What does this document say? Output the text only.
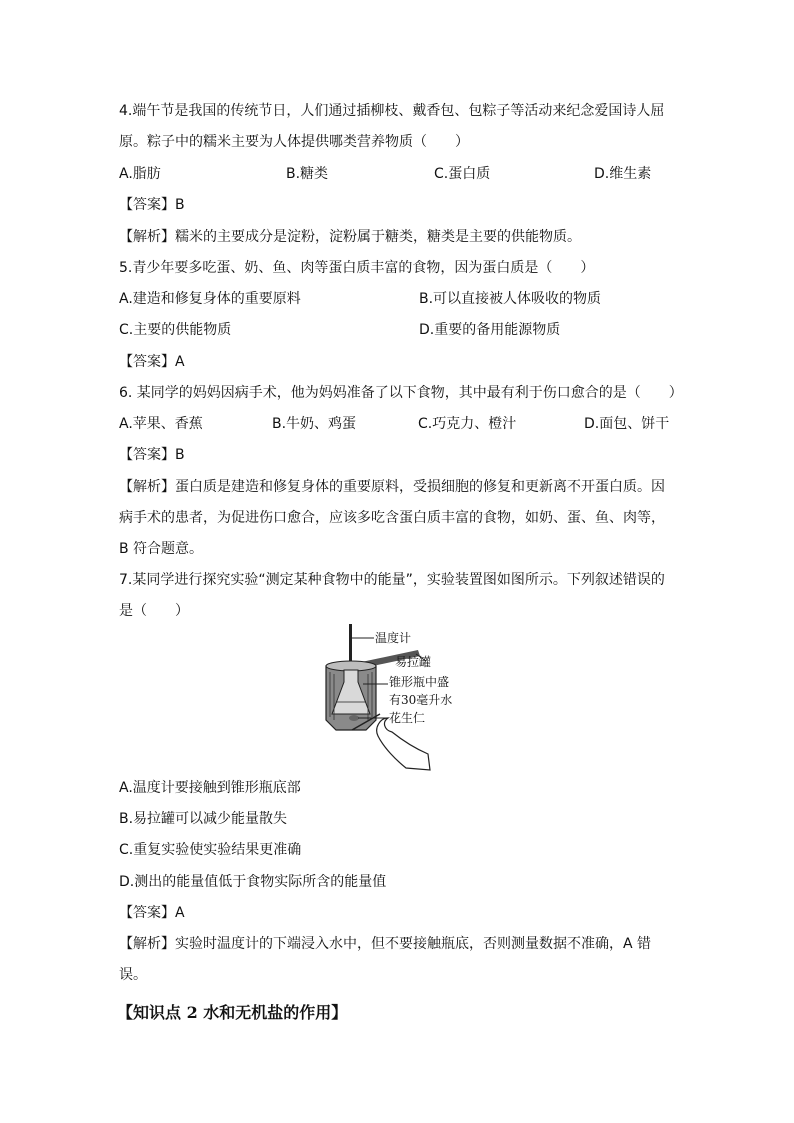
4.端午节是我国的传统节日，人们通过插柳枝、戴香包、包粽子等活动来纪念爱国诗人屈
原。粽子中的糯米主要为人体提供哪类营养物质（　　）
A.脂肪	B.糖类	C.蛋白质	D.维生素
【答案】B
【解析】糯米的主要成分是淀粉，淀粉属于糖类，糖类是主要的供能物质。
5.青少年要多吃蛋、奶、鱼、肉等蛋白质丰富的食物，因为蛋白质是（　　）
A.建造和修复身体的重要原料	B.可以直接被人体吸收的物质
C.主要的供能物质	D.重要的备用能源物质
【答案】A
6. 某同学的妈妈因病手术，他为妈妈准备了以下食物，其中最有利于伤口愈合的是（　　）
A.苹果、香蕉	B.牛奶、鸡蛋	C.巧克力、橙汁	D.面包、饼干
【答案】B
【解析】蛋白质是建造和修复身体的重要原料，受损细胞的修复和更新离不开蛋白质。因
病手术的患者，为促进伤口愈合，应该多吃含蛋白质丰富的食物，如奶、蛋、鱼、肉等，
B 符合题意。
7.某同学进行探究实验“测定某种食物中的能量”，实验装置图如图所示。下列叙述错误的
是（　　）
温度计
易拉罐
锥形瓶中盛
有30毫升水
花生仁
A.温度计要接触到锥形瓶底部
B.易拉罐可以减少能量散失
C.重复实验使实验结果更准确
D.测出的能量值低于食物实际所含的能量值
【答案】A
【解析】实验时温度计的下端浸入水中，但不要接触瓶底，否则测量数据不准确，A 错
误。
【知识点 2 水和无机盐的作用】
